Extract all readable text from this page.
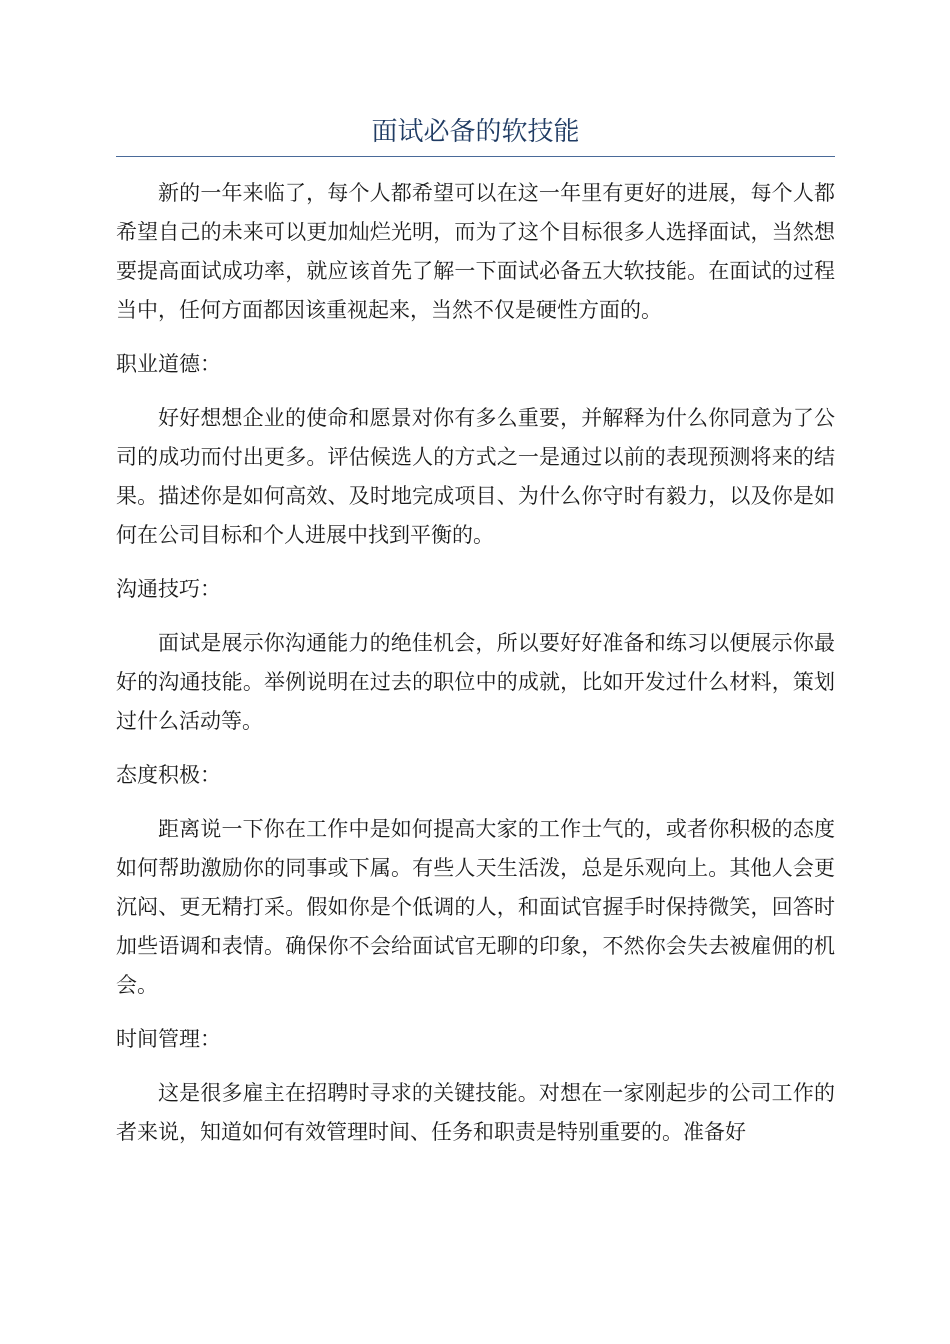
面试必备的软技能

新的一年来临了，每个人都希望可以在这一年里有更好的进展，每个人都希望自己的未来可以更加灿烂光明，而为了这个目标很多人选择面试，当然想要提高面试成功率，就应该首先了解一下面试必备五大软技能。在面试的过程当中，任何方面都因该重视起来，当然不仅是硬性方面的。

职业道德：

好好想想企业的使命和愿景对你有多么重要，并解释为什么你同意为了公司的成功而付出更多。评估候选人的方式之一是通过以前的表现预测将来的结果。描述你是如何高效、及时地完成项目、为什么你守时有毅力，以及你是如何在公司目标和个人进展中找到平衡的。

沟通技巧：

面试是展示你沟通能力的绝佳机会，所以要好好准备和练习以便展示你最好的沟通技能。举例说明在过去的职位中的成就，比如开发过什么材料，策划过什么活动等。

态度积极：

距离说一下你在工作中是如何提高大家的工作士气的，或者你积极的态度如何帮助激励你的同事或下属。有些人天生活泼，总是乐观向上。其他人会更沉闷、更无精打采。假如你是个低调的人，和面试官握手时保持微笑，回答时加些语调和表情。确保你不会给面试官无聊的印象，不然你会失去被雇佣的机会。

时间管理：

这是很多雇主在招聘时寻求的关键技能。对想在一家刚起步的公司工作的者来说，知道如何有效管理时间、任务和职责是特别重要的。准备好
